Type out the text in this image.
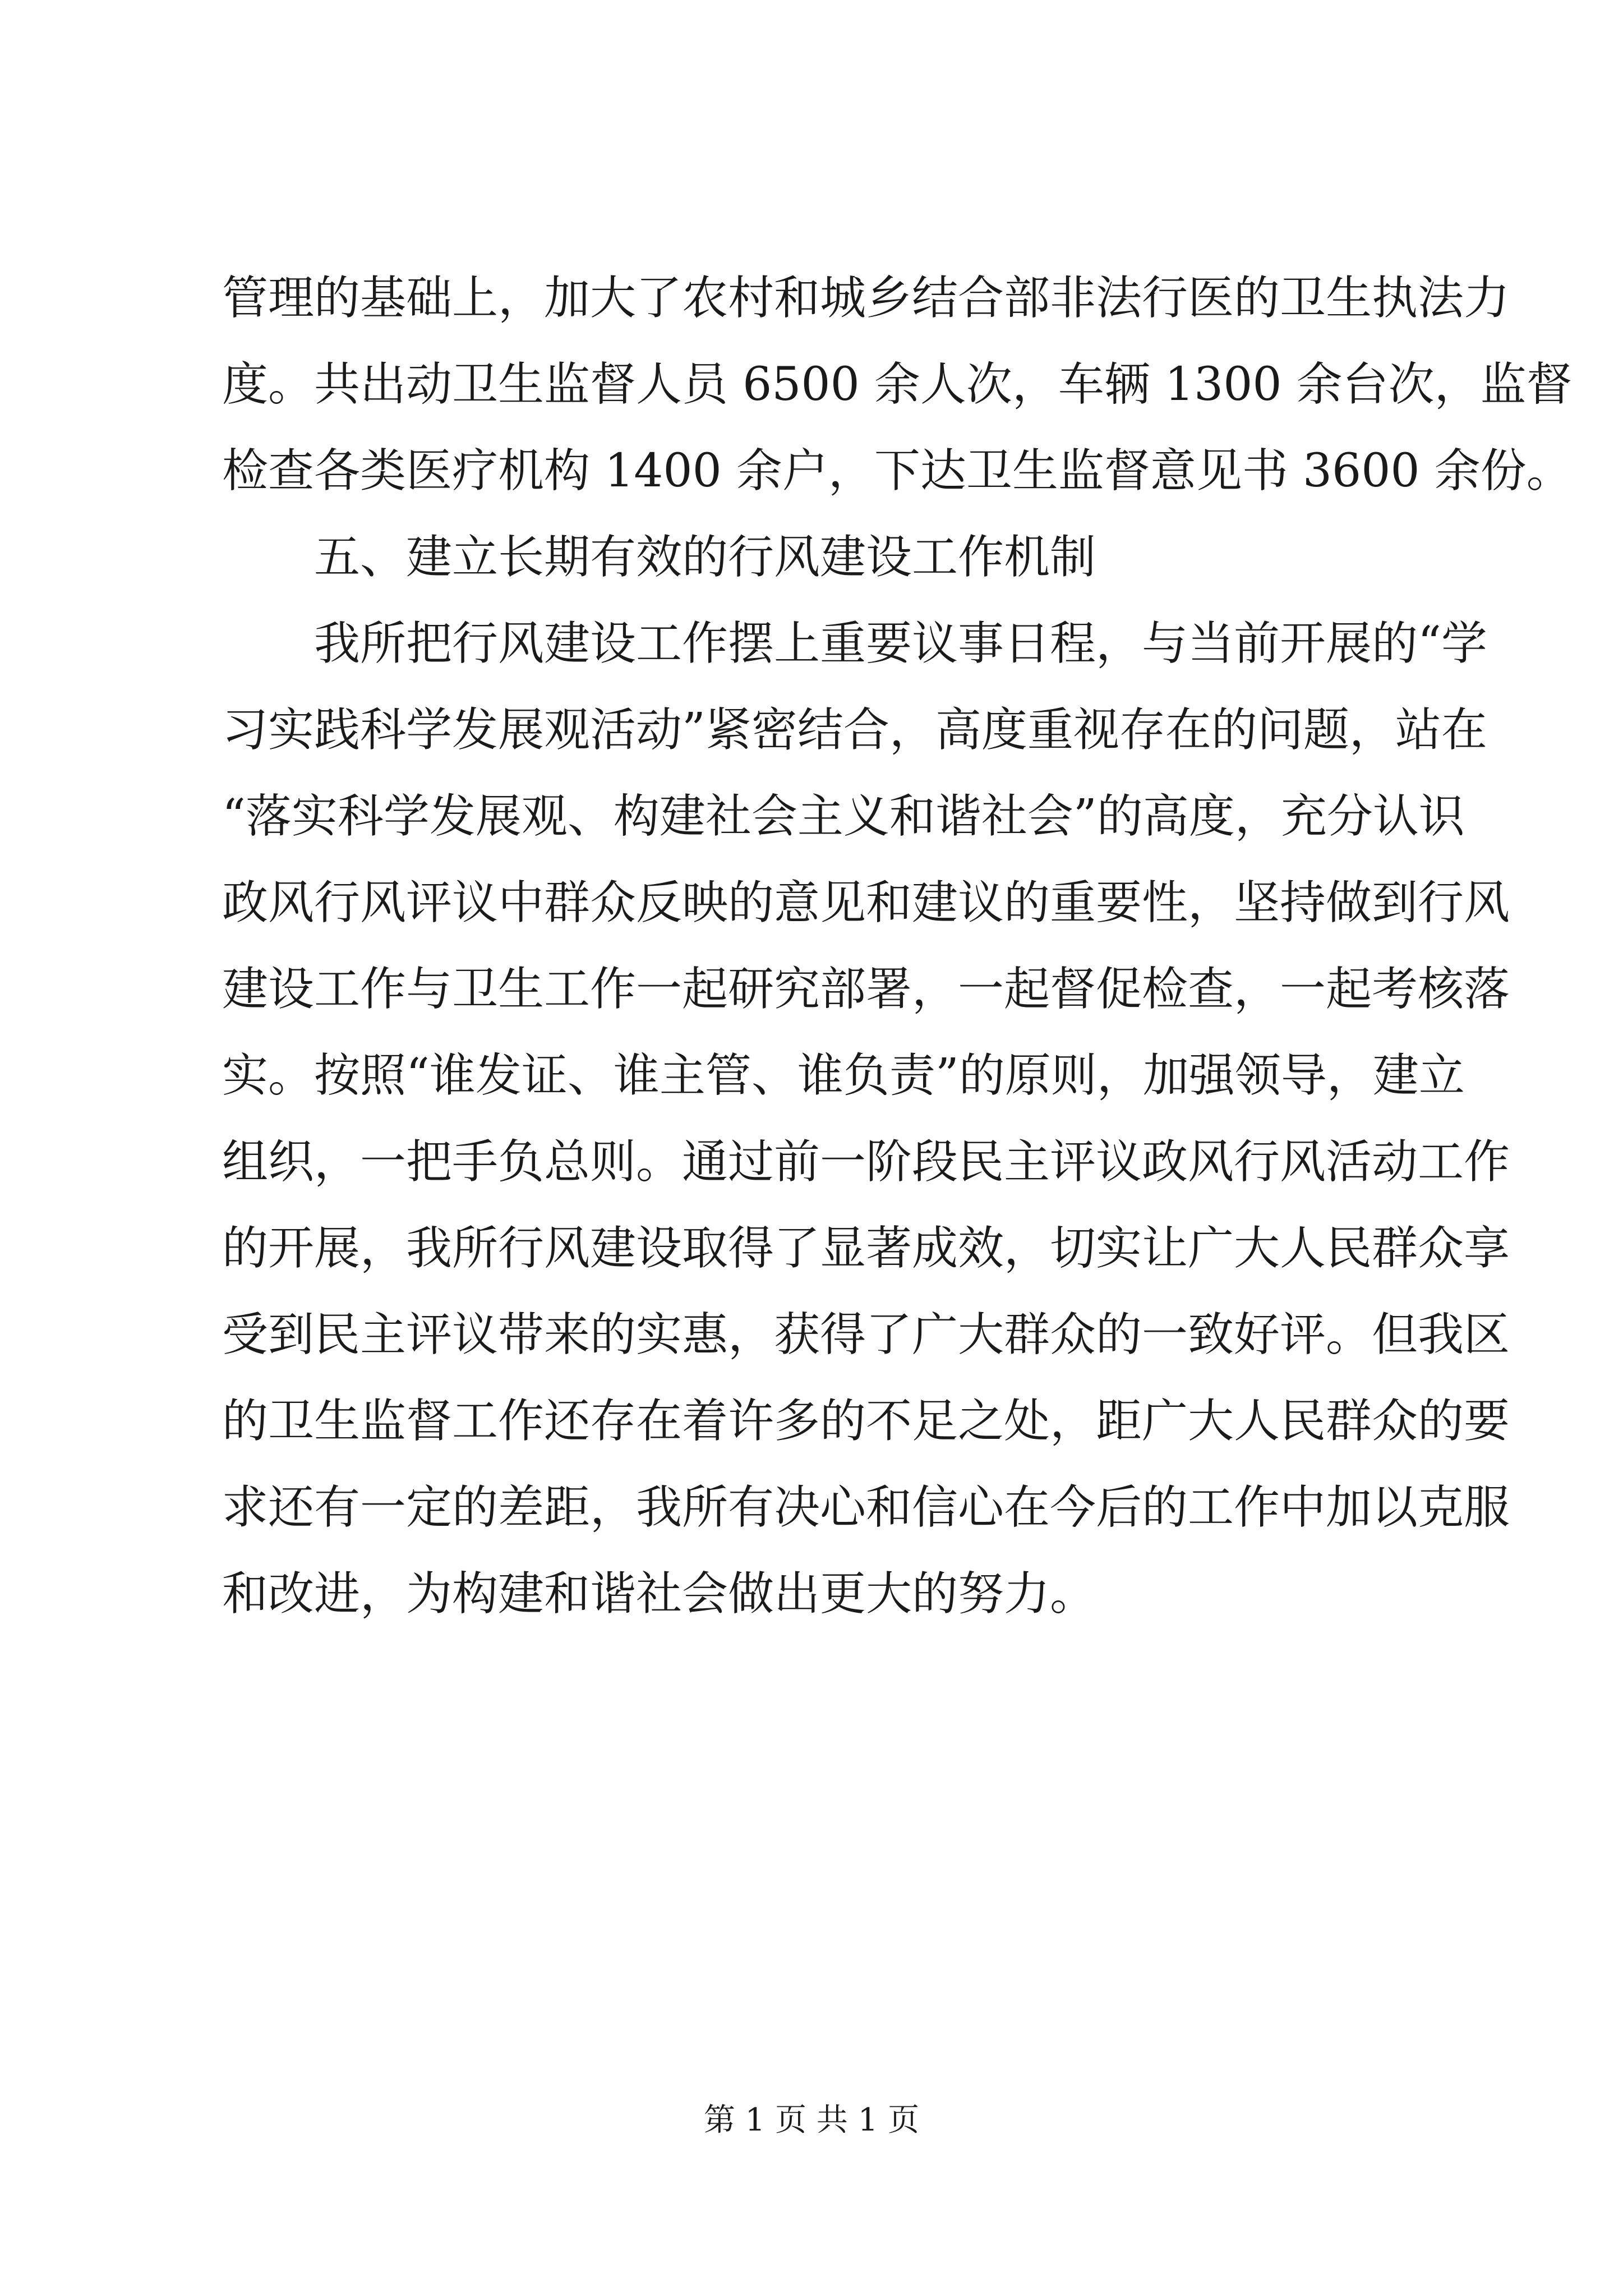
管理的基础上，加大了农村和城乡结合部非法行医的卫生执法力
度。共出动卫生监督人员 6500 余人次，车辆 1300 余台次，监督
检查各类医疗机构 1400 余户，下达卫生监督意见书 3600 余份。
五、建立长期有效的行风建设工作机制
我所把行风建设工作摆上重要议事日程，与当前开展的“学
习实践科学发展观活动”紧密结合，高度重视存在的问题，站在
“落实科学发展观、构建社会主义和谐社会”的高度，充分认识
政风行风评议中群众反映的意见和建议的重要性，坚持做到行风
建设工作与卫生工作一起研究部署，一起督促检查，一起考核落
实。按照“谁发证、谁主管、谁负责”的原则，加强领导，建立
组织，一把手负总则。通过前一阶段民主评议政风行风活动工作
的开展，我所行风建设取得了显著成效，切实让广大人民群众享
受到民主评议带来的实惠，获得了广大群众的一致好评。但我区
的卫生监督工作还存在着许多的不足之处，距广大人民群众的要
求还有一定的差距，我所有决心和信心在今后的工作中加以克服
和改进，为构建和谐社会做出更大的努力。
第 1 页 共 1 页
